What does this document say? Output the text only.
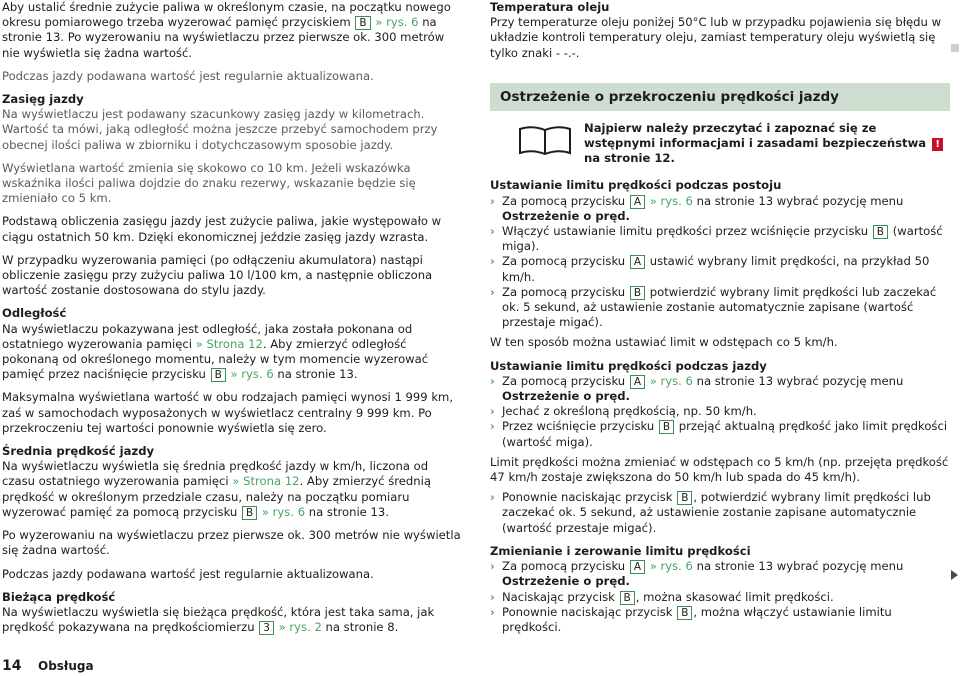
Aby ustalić średnie zużycie paliwa w określonym czasie, na początku nowego okresu pomiarowego trzeba wyzerować pamięć przyciskiem B » rys. 6 na stronie 13. Po wyzerowaniu na wyświetlaczu przez pierwsze ok. 300 metrów nie wyświetla się żadna wartość.

Podczas jazdy podawana wartość jest regularnie aktualizowana.

Zasięg jazdy

Na wyświetlaczu jest podawany szacunkowy zasięg jazdy w kilometrach. Wartość ta mówi, jaką odległość można jeszcze przebyć samochodem przy obecnej ilości paliwa w zbiorniku i dotychczasowym sposobie jazdy.

Wyświetlana wartość zmienia się skokowo co 10 km. Jeżeli wskazówka wskaźnika ilości paliwa dojdzie do znaku rezerwy, wskazanie będzie się zmieniało co 5 km.

Podstawą obliczenia zasięgu jazdy jest zużycie paliwa, jakie występowało w ciągu ostatnich 50 km. Dzięki ekonomicznej jeździe zasięg jazdy wzrasta.

W przypadku wyzerowania pamięci (po odłączeniu akumulatora) nastąpi obliczenie zasięgu przy zużyciu paliwa 10 l/100 km, a następnie obliczona wartość zostanie dostosowana do stylu jazdy.

Odległość

Na wyświetlaczu pokazywana jest odległość, jaka została pokonana od ostatniego wyzerowania pamięci » Strona 12. Aby zmierzyć odległość pokonaną od określonego momentu, należy w tym momencie wyzerować pamięć przez naciśnięcie przycisku B » rys. 6 na stronie 13.

Maksymalna wyświetlana wartość w obu rodzajach pamięci wynosi 1 999 km, zaś w samochodach wyposażonych w wyświetlacz centralny 9 999 km. Po przekroczeniu tej wartości ponownie wyświetla się zero.

Średnia prędkość jazdy

Na wyświetlaczu wyświetla się średnia prędkość jazdy w km/h, liczona od czasu ostatniego wyzerowania pamięci » Strona 12. Aby zmierzyć średnią prędkość w określonym przedziale czasu, należy na początku pomiaru wyzerować pamięć za pomocą przycisku B » rys. 6 na stronie 13.

Po wyzerowaniu na wyświetlaczu przez pierwsze ok. 300 metrów nie wyświetla się żadna wartość.

Podczas jazdy podawana wartość jest regularnie aktualizowana.

Bieżąca prędkość

Na wyświetlaczu wyświetla się bieżąca prędkość, która jest taka sama, jak prędkość pokazywana na prędkościomierzu 3 » rys. 2 na stronie 8.

Temperatura oleju

Przy temperaturze oleju poniżej 50°C lub w przypadku pojawienia się błędu w układzie kontroli temperatury oleju, zamiast temperatury oleju wyświetlą się tylko znaki - -.-.

Ostrzeżenie o przekroczeniu prędkości jazdy

Najpierw należy przeczytać i zapoznać się ze wstępnymi informacjami i zasadami bezpieczeństwa ! na stronie 12.

Ustawianie limitu prędkości podczas postoju

› Za pomocą przycisku A » rys. 6 na stronie 13 wybrać pozycję menu Ostrzeżenie o pręd.

› Włączyć ustawianie limitu prędkości przez wciśnięcie przycisku B (wartość miga).

› Za pomocą przycisku A ustawić wybrany limit prędkości, na przykład 50 km/h.

› Za pomocą przycisku B potwierdzić wybrany limit prędkości lub zaczekać ok. 5 sekund, aż ustawienie zostanie automatycznie zapisane (wartość przestaje migać).

W ten sposób można ustawiać limit w odstępach co 5 km/h.

Ustawianie limitu prędkości podczas jazdy

› Za pomocą przycisku A » rys. 6 na stronie 13 wybrać pozycję menu Ostrzeżenie o pręd.

› Jechać z określoną prędkością, np. 50 km/h.

› Przez wciśnięcie przycisku B przejąć aktualną prędkość jako limit prędkości (wartość miga).

Limit prędkości można zmieniać w odstępach co 5 km/h (np. przejęta prędkość 47 km/h zostaje zwiększona do 50 km/h lub spada do 45 km/h).

› Ponownie naciskając przycisk B , potwierdzić wybrany limit prędkości lub zaczekać ok. 5 sekund, aż ustawienie zostanie zapisane automatycznie (wartość przestaje migać).

Zmienianie i zerowanie limitu prędkości

› Za pomocą przycisku A » rys. 6 na stronie 13 wybrać pozycję menu Ostrzeżenie o pręd.

› Naciskając przycisk B , można skasować limit prędkości.

› Ponownie naciskając przycisk B , można włączyć ustawianie limitu prędkości.

14	Obsługa
